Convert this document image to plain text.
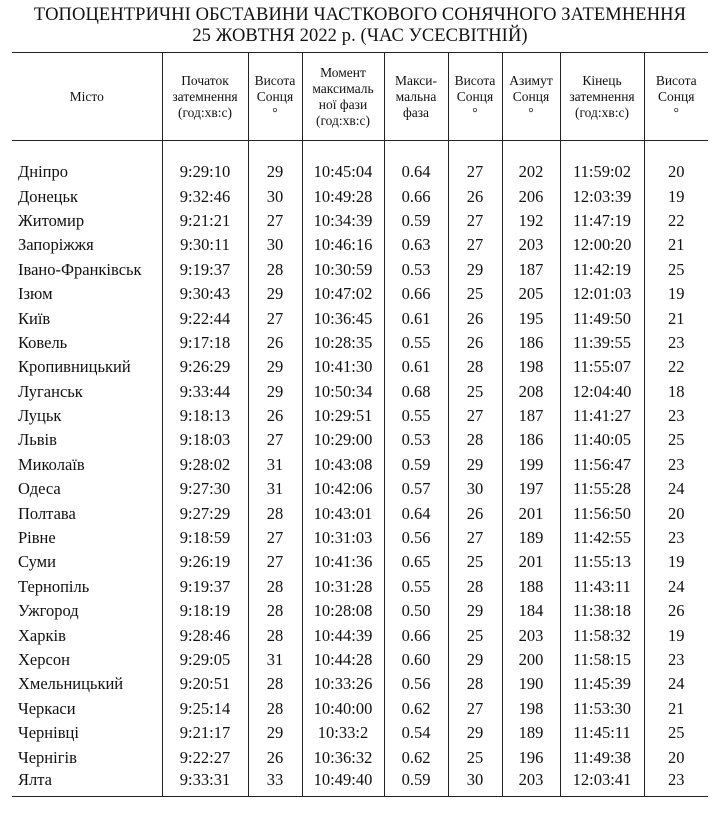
ТОПОЦЕНТРИЧНІ ОБСТАВИНИ ЧАСТКОВОГО СОНЯЧНОГО ЗАТЕМНЕННЯ
25 ЖОВТНЯ 2022 р. (ЧАС УСЕСВІТНІЙ)
Місто	Початок
затемнення
(год:хв:с)	Висота
Сонця
°	Момент
максималь
ної фази
(год:хв:с)	Макси-
мальна
фаза	Висота
Сонця
°	Азимут
Сонця
°	Кінець
затемнення
(год:хв:с)	Висота
Сонця
°

Дніпро	9:29:10	29	10:45:04	0.64	27	202	11:59:02	20
Донецьк	9:32:46	30	10:49:28	0.66	26	206	12:03:39	19
Житомир	9:21:21	27	10:34:39	0.59	27	192	11:47:19	22
Запоріжжя	9:30:11	30	10:46:16	0.63	27	203	12:00:20	21
Івано-Франківськ	9:19:37	28	10:30:59	0.53	29	187	11:42:19	25
Ізюм	9:30:43	29	10:47:02	0.66	25	205	12:01:03	19
Київ	9:22:44	27	10:36:45	0.61	26	195	11:49:50	21
Ковель	9:17:18	26	10:28:35	0.55	26	186	11:39:55	23
Кропивницький	9:26:29	29	10:41:30	0.61	28	198	11:55:07	22
Луганськ	9:33:44	29	10:50:34	0.68	25	208	12:04:40	18
Луцьк	9:18:13	26	10:29:51	0.55	27	187	11:41:27	23
Львів	9:18:03	27	10:29:00	0.53	28	186	11:40:05	25
Миколаїв	9:28:02	31	10:43:08	0.59	29	199	11:56:47	23
Одеса	9:27:30	31	10:42:06	0.57	30	197	11:55:28	24
Полтава	9:27:29	28	10:43:01	0.64	26	201	11:56:50	20
Рівне	9:18:59	27	10:31:03	0.56	27	189	11:42:55	23
Суми	9:26:19	27	10:41:36	0.65	25	201	11:55:13	19
Тернопіль	9:19:37	28	10:31:28	0.55	28	188	11:43:11	24
Ужгород	9:18:19	28	10:28:08	0.50	29	184	11:38:18	26
Харків	9:28:46	28	10:44:39	0.66	25	203	11:58:32	19
Херсон	9:29:05	31	10:44:28	0.60	29	200	11:58:15	23
Хмельницький	9:20:51	28	10:33:26	0.56	28	190	11:45:39	24
Черкаси	9:25:14	28	10:40:00	0.62	27	198	11:53:30	21
Чернівці	9:21:17	29	10:33:2	0.54	29	189	11:45:11	25
Чернігів	9:22:27	26	10:36:32	0.62	25	196	11:49:38	20
Ялта	9:33:31	33	10:49:40	0.59	30	203	12:03:41	23
